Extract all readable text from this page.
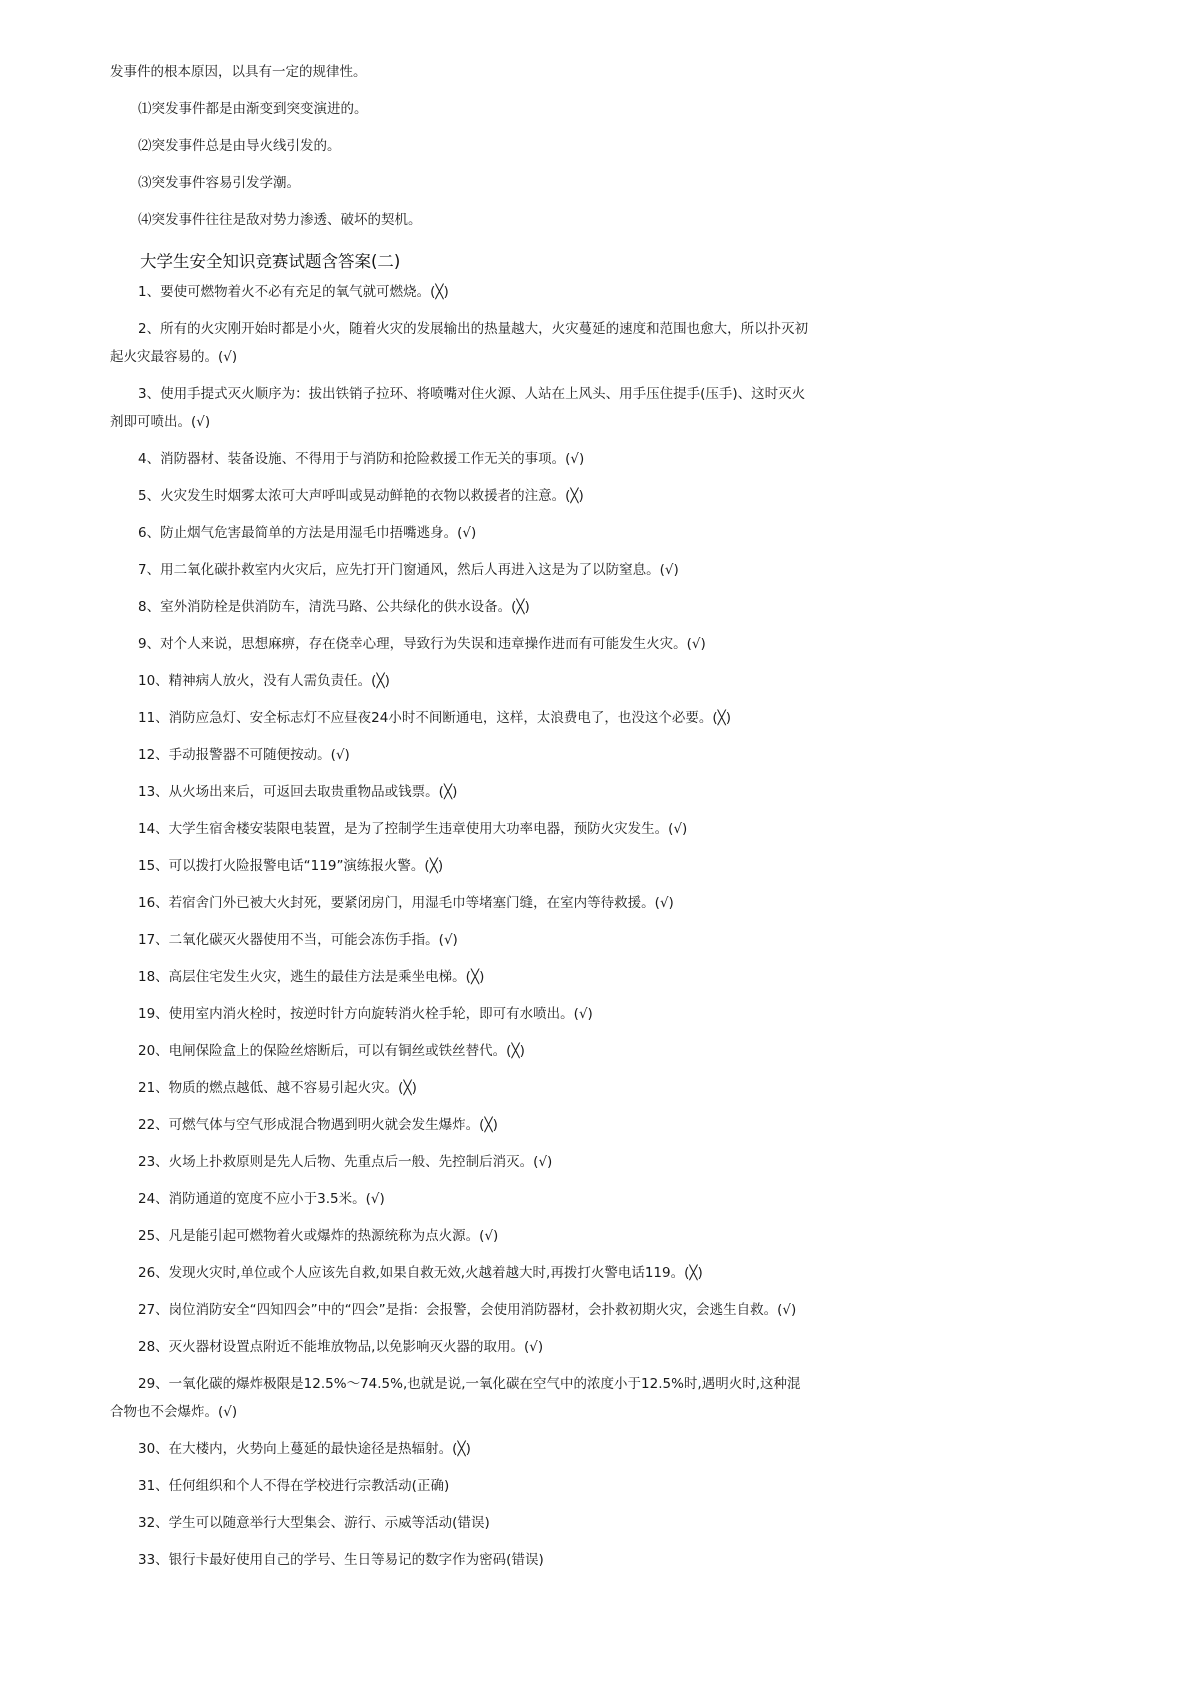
发事件的根本原因，以具有一定的规律性。

⑴突发事件都是由渐变到突变演进的。

⑵突发事件总是由导火线引发的。

⑶突发事件容易引发学潮。

⑷突发事件往往是敌对势力渗透、破坏的契机。

大学生安全知识竞赛试题含答案(二)

1、要使可燃物着火不必有充足的氧气就可燃烧。(╳)

2、所有的火灾刚开始时都是小火，随着火灾的发展输出的热量越大，火灾蔓延的速度和范围也愈大，所以扑灭初起火灾最容易的。(√)

3、使用手提式灭火顺序为：拔出铁销子拉环、将喷嘴对住火源、人站在上风头、用手压住提手(压手)、这时灭火剂即可喷出。(√)

4、消防器材、装备设施、不得用于与消防和抢险救援工作无关的事项。(√)

5、火灾发生时烟雾太浓可大声呼叫或晃动鲜艳的衣物以救援者的注意。(╳)

6、防止烟气危害最简单的方法是用湿毛巾捂嘴逃身。(√)

7、用二氧化碳扑救室内火灾后，应先打开门窗通风，然后人再进入这是为了以防窒息。(√)

8、室外消防栓是供消防车，清洗马路、公共绿化的供水设备。(╳)

9、对个人来说，思想麻痹，存在侥幸心理，导致行为失误和违章操作进而有可能发生火灾。(√)

10、精神病人放火，没有人需负责任。(╳)

11、消防应急灯、安全标志灯不应昼夜24小时不间断通电，这样，太浪费电了，也没这个必要。(╳)

12、手动报警器不可随便按动。(√)

13、从火场出来后，可返回去取贵重物品或钱票。(╳)

14、大学生宿舍楼安装限电装置，是为了控制学生违章使用大功率电器，预防火灾发生。(√)

15、可以拨打火险报警电话“119”演练报火警。(╳)

16、若宿舍门外已被大火封死，要紧闭房门，用湿毛巾等堵塞门缝，在室内等待救援。(√)

17、二氧化碳灭火器使用不当，可能会冻伤手指。(√)

18、高层住宅发生火灾，逃生的最佳方法是乘坐电梯。(╳)

19、使用室内消火栓时，按逆时针方向旋转消火栓手轮，即可有水喷出。(√)

20、电闸保险盒上的保险丝熔断后，可以有铜丝或铁丝替代。(╳)

21、物质的燃点越低、越不容易引起火灾。(╳)

22、可燃气体与空气形成混合物遇到明火就会发生爆炸。(╳)

23、火场上扑救原则是先人后物、先重点后一般、先控制后消灭。(√)

24、消防通道的宽度不应小于3.5米。(√)

25、凡是能引起可燃物着火或爆炸的热源统称为点火源。(√)

26、发现火灾时,单位或个人应该先自救,如果自救无效,火越着越大时,再拨打火警电话119。(╳)

27、岗位消防安全“四知四会”中的“四会”是指：会报警，会使用消防器材，会扑救初期火灾，会逃生自救。(√)

28、灭火器材设置点附近不能堆放物品,以免影响灭火器的取用。(√)

29、一氧化碳的爆炸极限是12.5%～74.5%,也就是说,一氧化碳在空气中的浓度小于12.5%时,遇明火时,这种混合物也不会爆炸。(√)

30、在大楼内，火势向上蔓延的最快途径是热辐射。(╳)

31、任何组织和个人不得在学校进行宗教活动(正确)

32、学生可以随意举行大型集会、游行、示威等活动(错误)

33、银行卡最好使用自己的学号、生日等易记的数字作为密码(错误)
